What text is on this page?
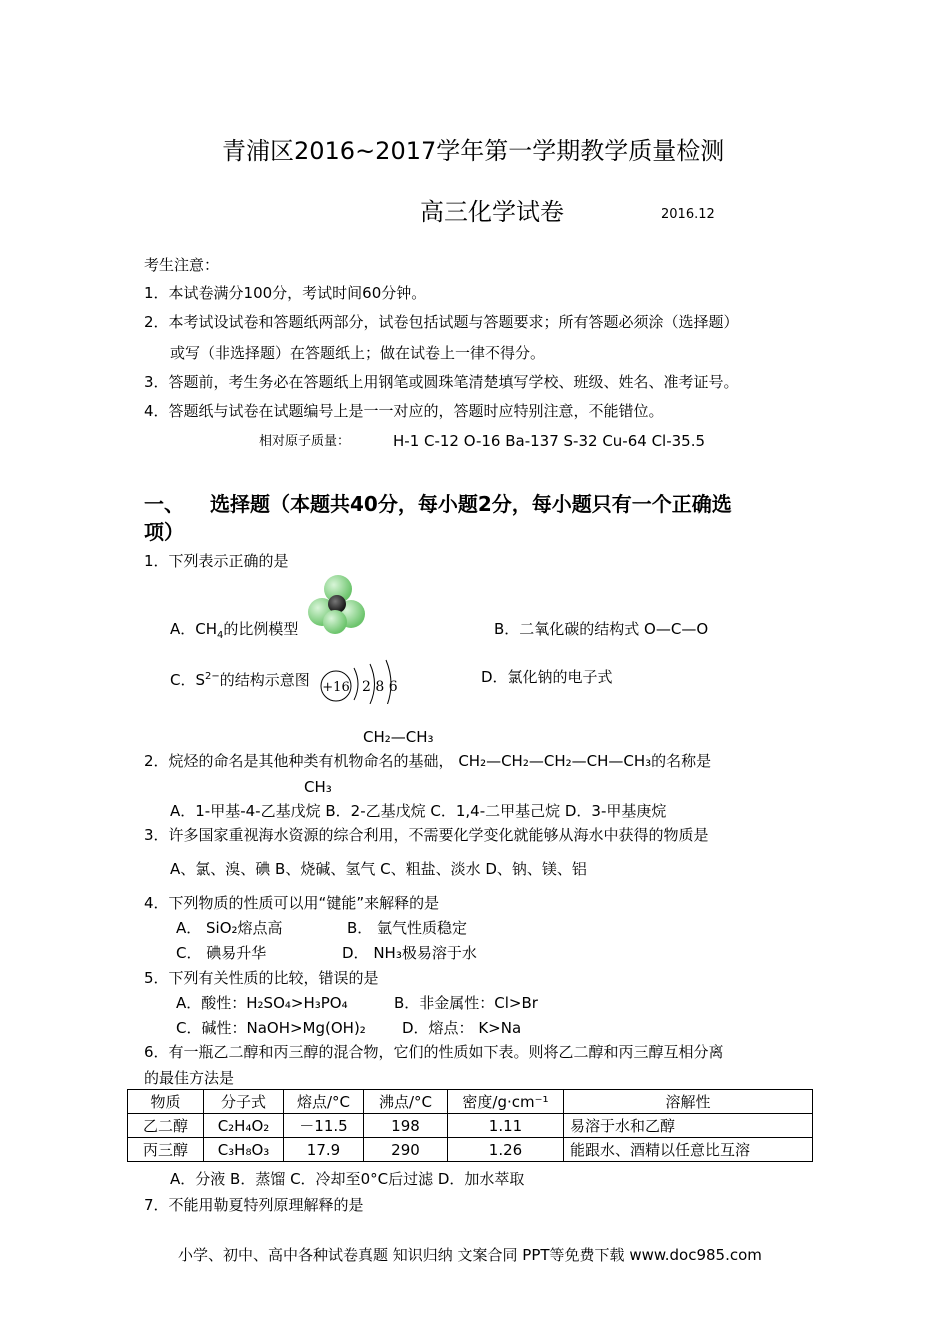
青浦区2016~2017学年第一学期教学质量检测
高三化学试卷	2016.12
考生注意：
1．本试卷满分100分，考试时间60分钟。
2．本考试设试卷和答题纸两部分，试卷包括试题与答题要求；所有答题必须涂（选择题）
或写（非选择题）在答题纸上；做在试卷上一律不得分。
3．答题前，考生务必在答题纸上用钢笔或圆珠笔清楚填写学校、班级、姓名、准考证号。
4．答题纸与试卷在试题编号上是一一对应的，答题时应特别注意，不能错位。
相对原子质量：	H-1 C-12 O-16 Ba-137 S-32 Cu-64 Cl-35.5
一、 选择题（本题共40分，每小题2分，每小题只有一个正确选
项）
1．下列表示正确的是
A．$CH_4$的比例模型	B．二氧化碳的结构式 O—C—O
C．$S^{2-}$的结构示意图 +16 2 8 6
D．氯化钠的电子式
CH₂—CH₃
2．烷烃的命名是其他种类有机物命名的基础， CH₂—CH₂—CH₂—CH—CH₃的名称是
CH₃
A．1-甲基-4-乙基戊烷 B．2-乙基戊烷 C．1,4-二甲基己烷 D．3-甲基庚烷
3．许多国家重视海水资源的综合利用，不需要化学变化就能够从海水中获得的物质是
A、氯、溴、碘 B、烧碱、氢气 C、粗盐、淡水 D、钠、镁、铝
4．下列物质的性质可以用“键能”来解释的是
A． SiO₂熔点高	B． 氩气性质稳定
C． 碘易升华	D． NH₃极易溶于水
5．下列有关性质的比较，错误的是
A．酸性：H₂SO₄>H₃PO₄	B．非金属性：Cl>Br
C．碱性：NaOH>Mg(OH)₂ D．熔点： K>Na
6．有一瓶乙二醇和丙三醇的混合物，它们的性质如下表。则将乙二醇和丙三醇互相分离
的最佳方法是
物质	分子式	熔点/°C	沸点/°C	密度/g·cm⁻¹	溶解性
乙二醇	C₂H₄O₂	－11.5	198	1.11	易溶于水和乙醇
丙三醇	C₃H₈O₃	17.9	290	1.26	能跟水、酒精以任意比互溶
A．分液 B．蒸馏 C．冷却至0°C后过滤 D．加水萃取
7．不能用勒夏特列原理解释的是
小学、初中、高中各种试卷真题 知识归纳 文案合同 PPT等免费下载 www.doc985.com
